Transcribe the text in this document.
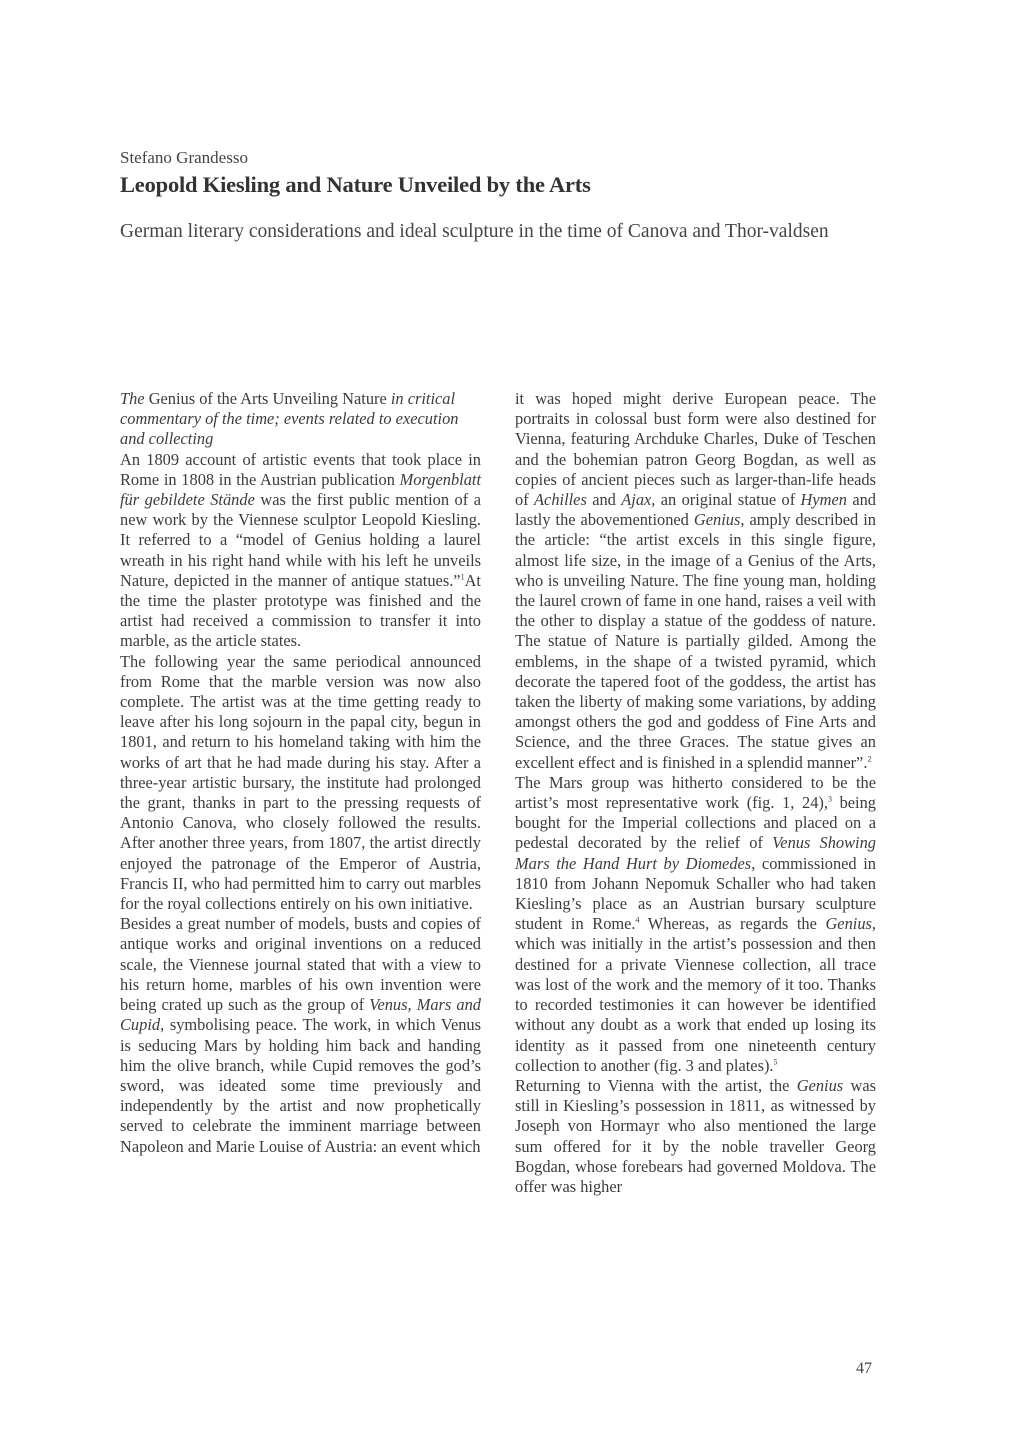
Stefano Grandesso
Leopold Kiesling and Nature Unveiled by the Arts
German literary considerations and ideal sculpture in the time of Canova and Thor-valdsen

The Genius of the Arts Unveiling Nature in critical commentary of the time; events related to execution and collecting

An 1809 account of artistic events that took place in Rome in 1808 in the Austrian publication Morgenblatt für gebildete Stände was the first public mention of a new work by the Viennese sculptor Leopold Kiesling. It referred to a “model of Genius holding a laurel wreath in his right hand while with his left he unveils Nature, depicted in the manner of antique statues.”$^1$At the time the plaster prototype was finished and the artist had received a commission to transfer it into marble, as the article states.

The following year the same periodical announced from Rome that the marble version was now also complete. The artist was at the time getting ready to leave after his long sojourn in the papal city, begun in 1801, and return to his homeland taking with him the works of art that he had made during his stay. After a three-year artistic bursary, the institute had prolonged the grant, thanks in part to the pressing requests of Antonio Canova, who closely followed the results. After another three years, from 1807, the artist directly enjoyed the patronage of the Emperor of Austria, Francis II, who had permitted him to carry out marbles for the royal collections entirely on his own initiative.

Besides a great number of models, busts and copies of antique works and original inventions on a reduced scale, the Viennese journal stated that with a view to his return home, marbles of his own invention were being crated up such as the group of Venus, Mars and Cupid, symbolising peace. The work, in which Venus is seducing Mars by holding him back and handing him the olive branch, while Cupid removes the god’s sword, was ideated some time previously and independently by the artist and now prophetically served to celebrate the imminent marriage between Napoleon and Marie Louise of Austria: an event which

it was hoped might derive European peace. The portraits in colossal bust form were also destined for Vienna, featuring Archduke Charles, Duke of Teschen and the bohemian patron Georg Bogdan, as well as copies of ancient pieces such as larger-than-life heads of Achilles and Ajax, an original statue of Hymen and lastly the abovementioned Genius, amply described in the article: “the artist excels in this single figure, almost life size, in the image of a Genius of the Arts, who is unveiling Nature. The fine young man, holding the laurel crown of fame in one hand, raises a veil with the other to display a statue of the goddess of nature. The statue of Nature is partially gilded. Among the emblems, in the shape of a twisted pyramid, which decorate the tapered foot of the goddess, the artist has taken the liberty of making some variations, by adding amongst others the god and goddess of Fine Arts and Science, and the three Graces. The statue gives an excellent effect and is finished in a splendid manner”.$^2$

The Mars group was hitherto considered to be the artist’s most representative work (fig. 1, 24),$^3$ being bought for the Imperial collections and placed on a pedestal decorated by the relief of Venus Showing Mars the Hand Hurt by Diomedes, commissioned in 1810 from Johann Nepomuk Schaller who had taken Kiesling’s place as an Austrian bursary sculpture student in Rome.$^4$ Whereas, as regards the Genius, which was initially in the artist’s possession and then destined for a private Viennese collection, all trace was lost of the work and the memory of it too. Thanks to recorded testimonies it can however be identified without any doubt as a work that ended up losing its identity as it passed from one nineteenth century collection to another (fig. 3 and plates).$^5$

Returning to Vienna with the artist, the Genius was still in Kiesling’s possession in 1811, as witnessed by Joseph von Hormayr who also mentioned the large sum offered for it by the noble traveller Georg Bogdan, whose forebears had governed Moldova. The offer was higher

47
